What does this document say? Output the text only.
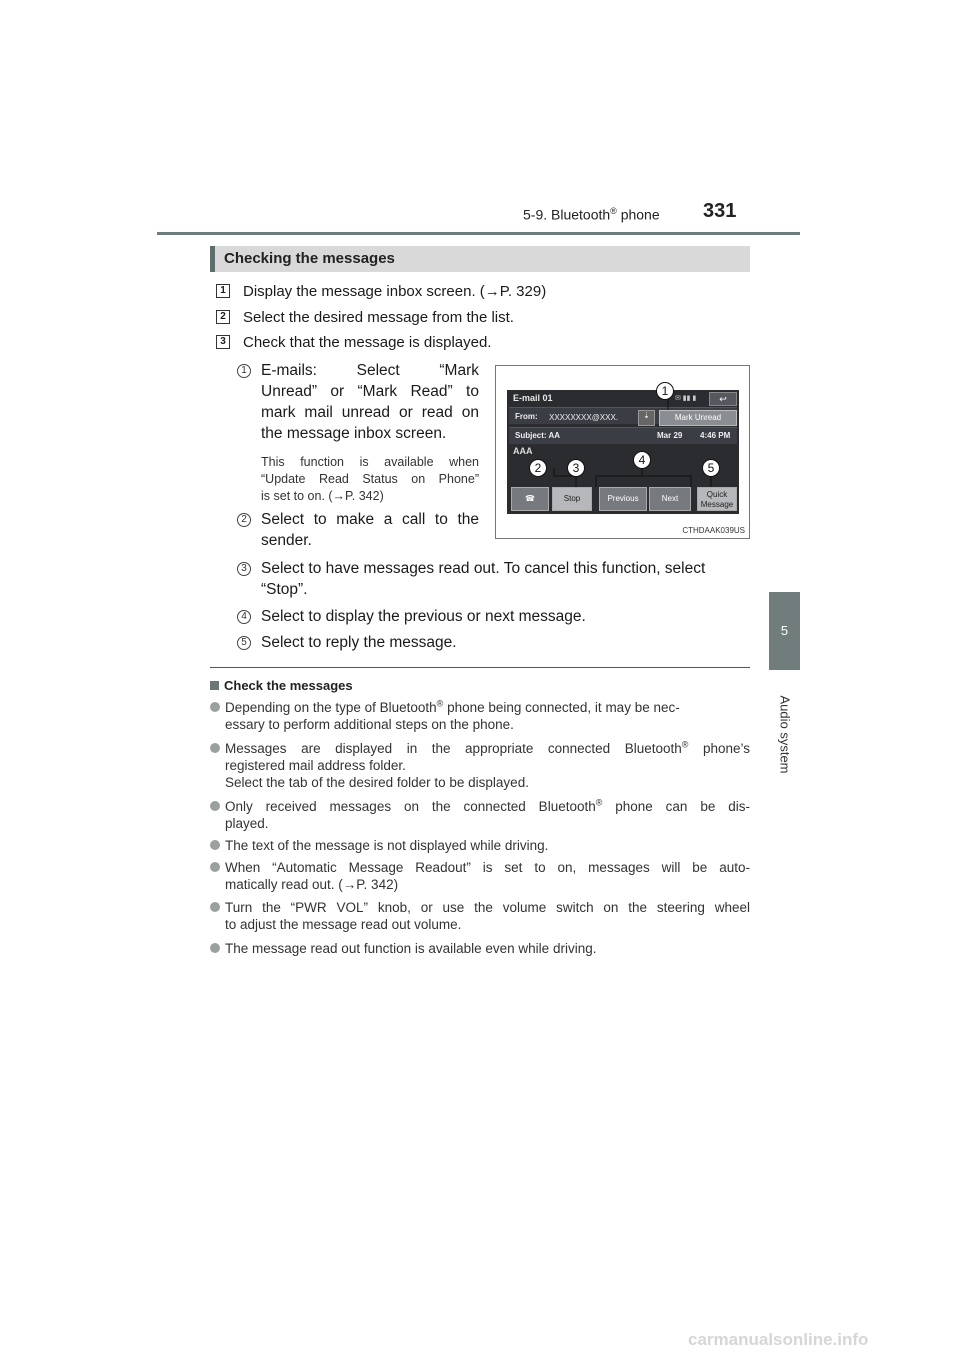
5-9. Bluetooth® phone 331
5
Audio system
Checking the messages
1 Display the message inbox screen. (→P. 329)
2 Select the desired message from the list.
3 Check that the message is displayed.
1 E-mails: Select “Mark
Unread” or “Mark Read” to
mark mail unread or read on
the message inbox screen.
This function is available when
“Update Read Status on Phone”
is set to on. (→P. 342)
2 Select to make a call to the
sender.
3 Select to have messages read out. To cancel this function, select
“Stop”.
4 Select to display the previous or next message.
5 Select to reply the message.
E-mail 01	✉ ▮▮ ▮	↩
From: XXXXXXXX@XXX.	⇣	Mark Unread
Subject: AA	Mar 29 4:46 PM
AAA
☎	Stop	Previous	Next	Quick
Message
1
2	3
4
5
CTHDAAK039US
Check the messages
Depending on the type of Bluetooth® phone being connected, it may be nec-
essary to perform additional steps on the phone.
Messages are displayed in the appropriate connected Bluetooth® phone’s
registered mail address folder.
Select the tab of the desired folder to be displayed.
Only received messages on the connected Bluetooth® phone can be dis-
played.
The text of the message is not displayed while driving.
When “Automatic Message Readout” is set to on, messages will be auto-
matically read out. (→P. 342)
Turn the “PWR VOL” knob, or use the volume switch on the steering wheel
to adjust the message read out volume.
The message read out function is available even while driving.
carmanualsonline.info
